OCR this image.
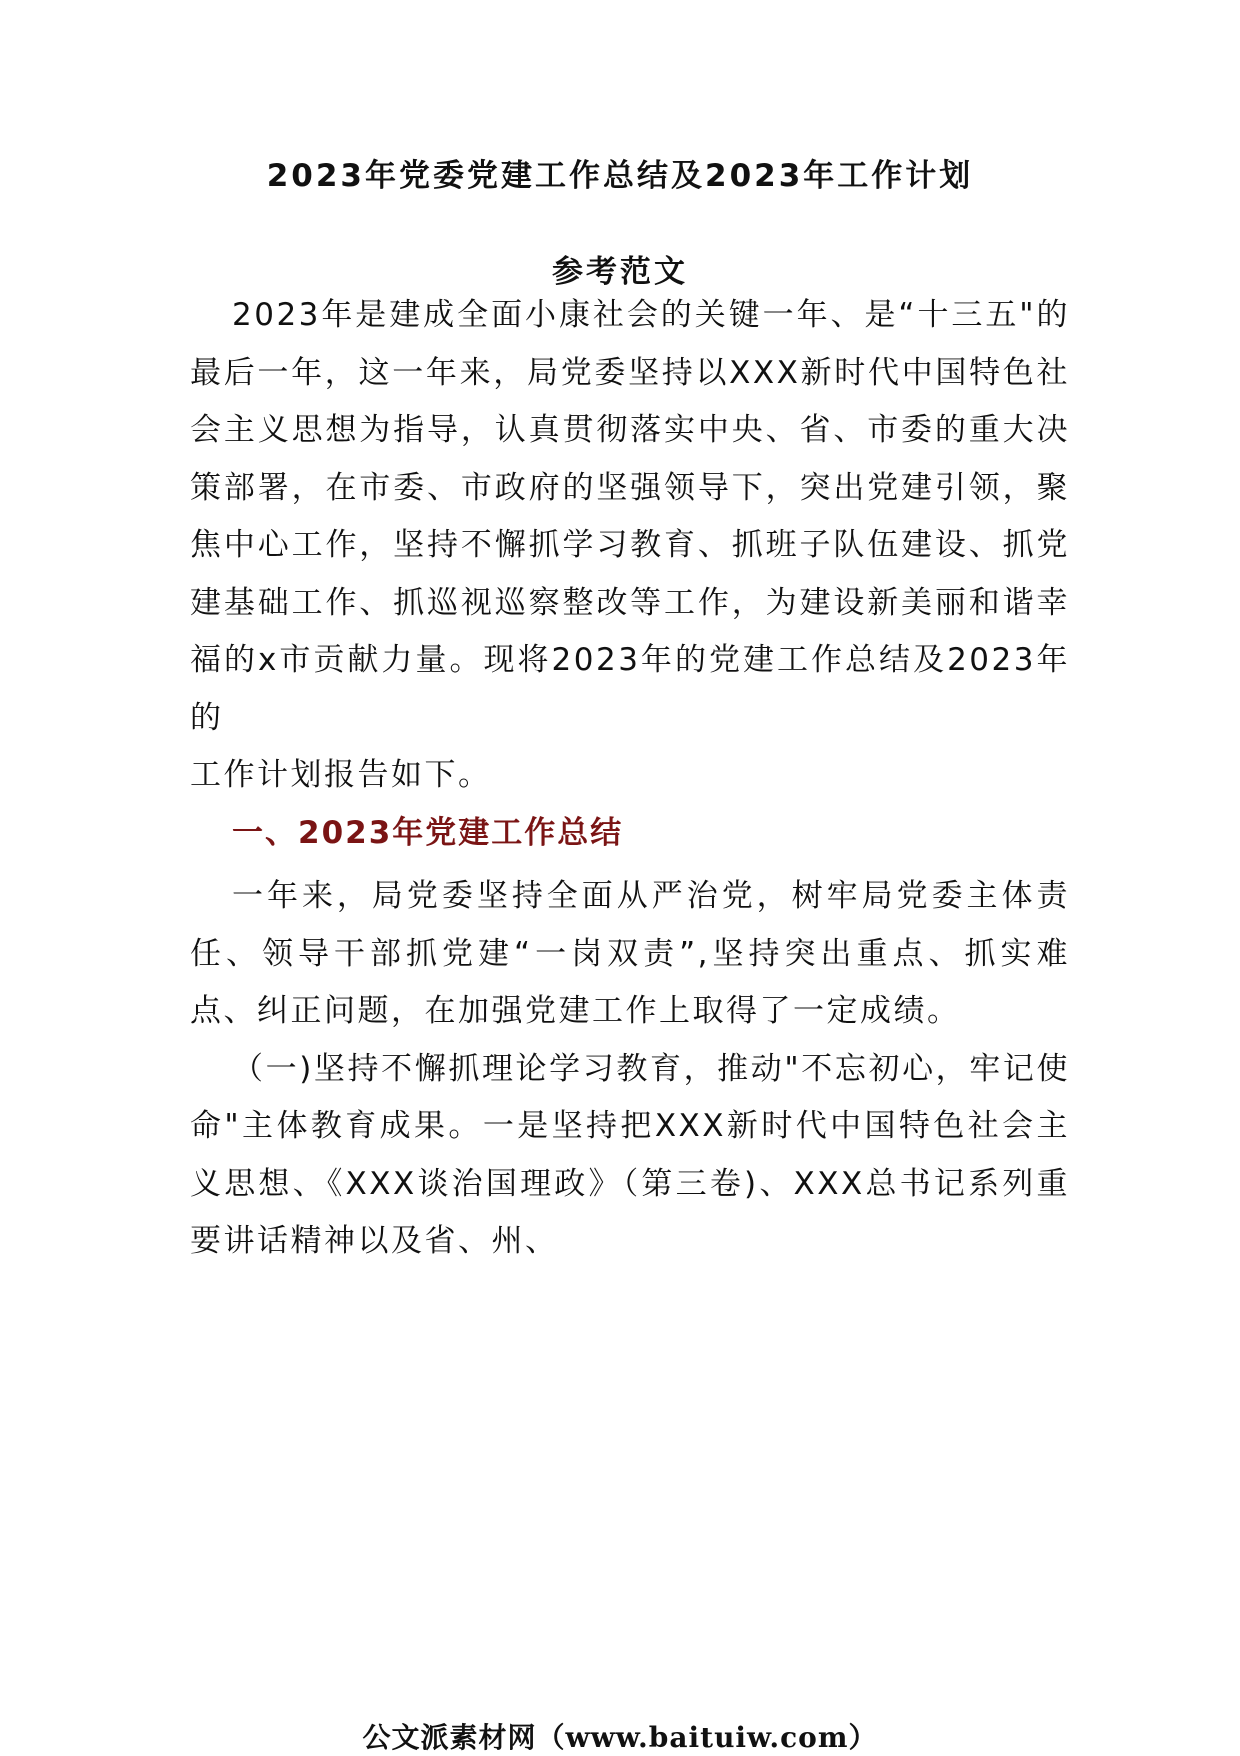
2023年党委党建工作总结及2023年工作计划
参考范文

2023年是建成全面小康社会的关键一年、是“十三五"的最后一年，这一年来，局党委坚持以XXX新时代中国特色社会主义思想为指导，认真贯彻落实中央、省、市委的重大决策部署，在市委、市政府的坚强领导下，突出党建引领，聚焦中心工作，坚持不懈抓学习教育、抓班子队伍建设、抓党建基础工作、抓巡视巡察整改等工作，为建设新美丽和谐幸福的x市贡献力量。现将2023年的党建工作总结及2023年的

工作计划报告如下。

一、2023年党建工作总结

一年来，局党委坚持全面从严治党，树牢局党委主体责任、领导干部抓党建“一岗双责”,坚持突出重点、抓实难点、纠正问题，在加强党建工作上取得了一定成绩。

（一)坚持不懈抓理论学习教育，推动"不忘初心，牢记使命"主体教育成果。一是坚持把XXX新时代中国特色社会主义思想、《XXX谈治国理政》（第三卷)、XXX总书记系列重要讲话精神以及省、州、

公文派素材网（www.baituiw.com）
